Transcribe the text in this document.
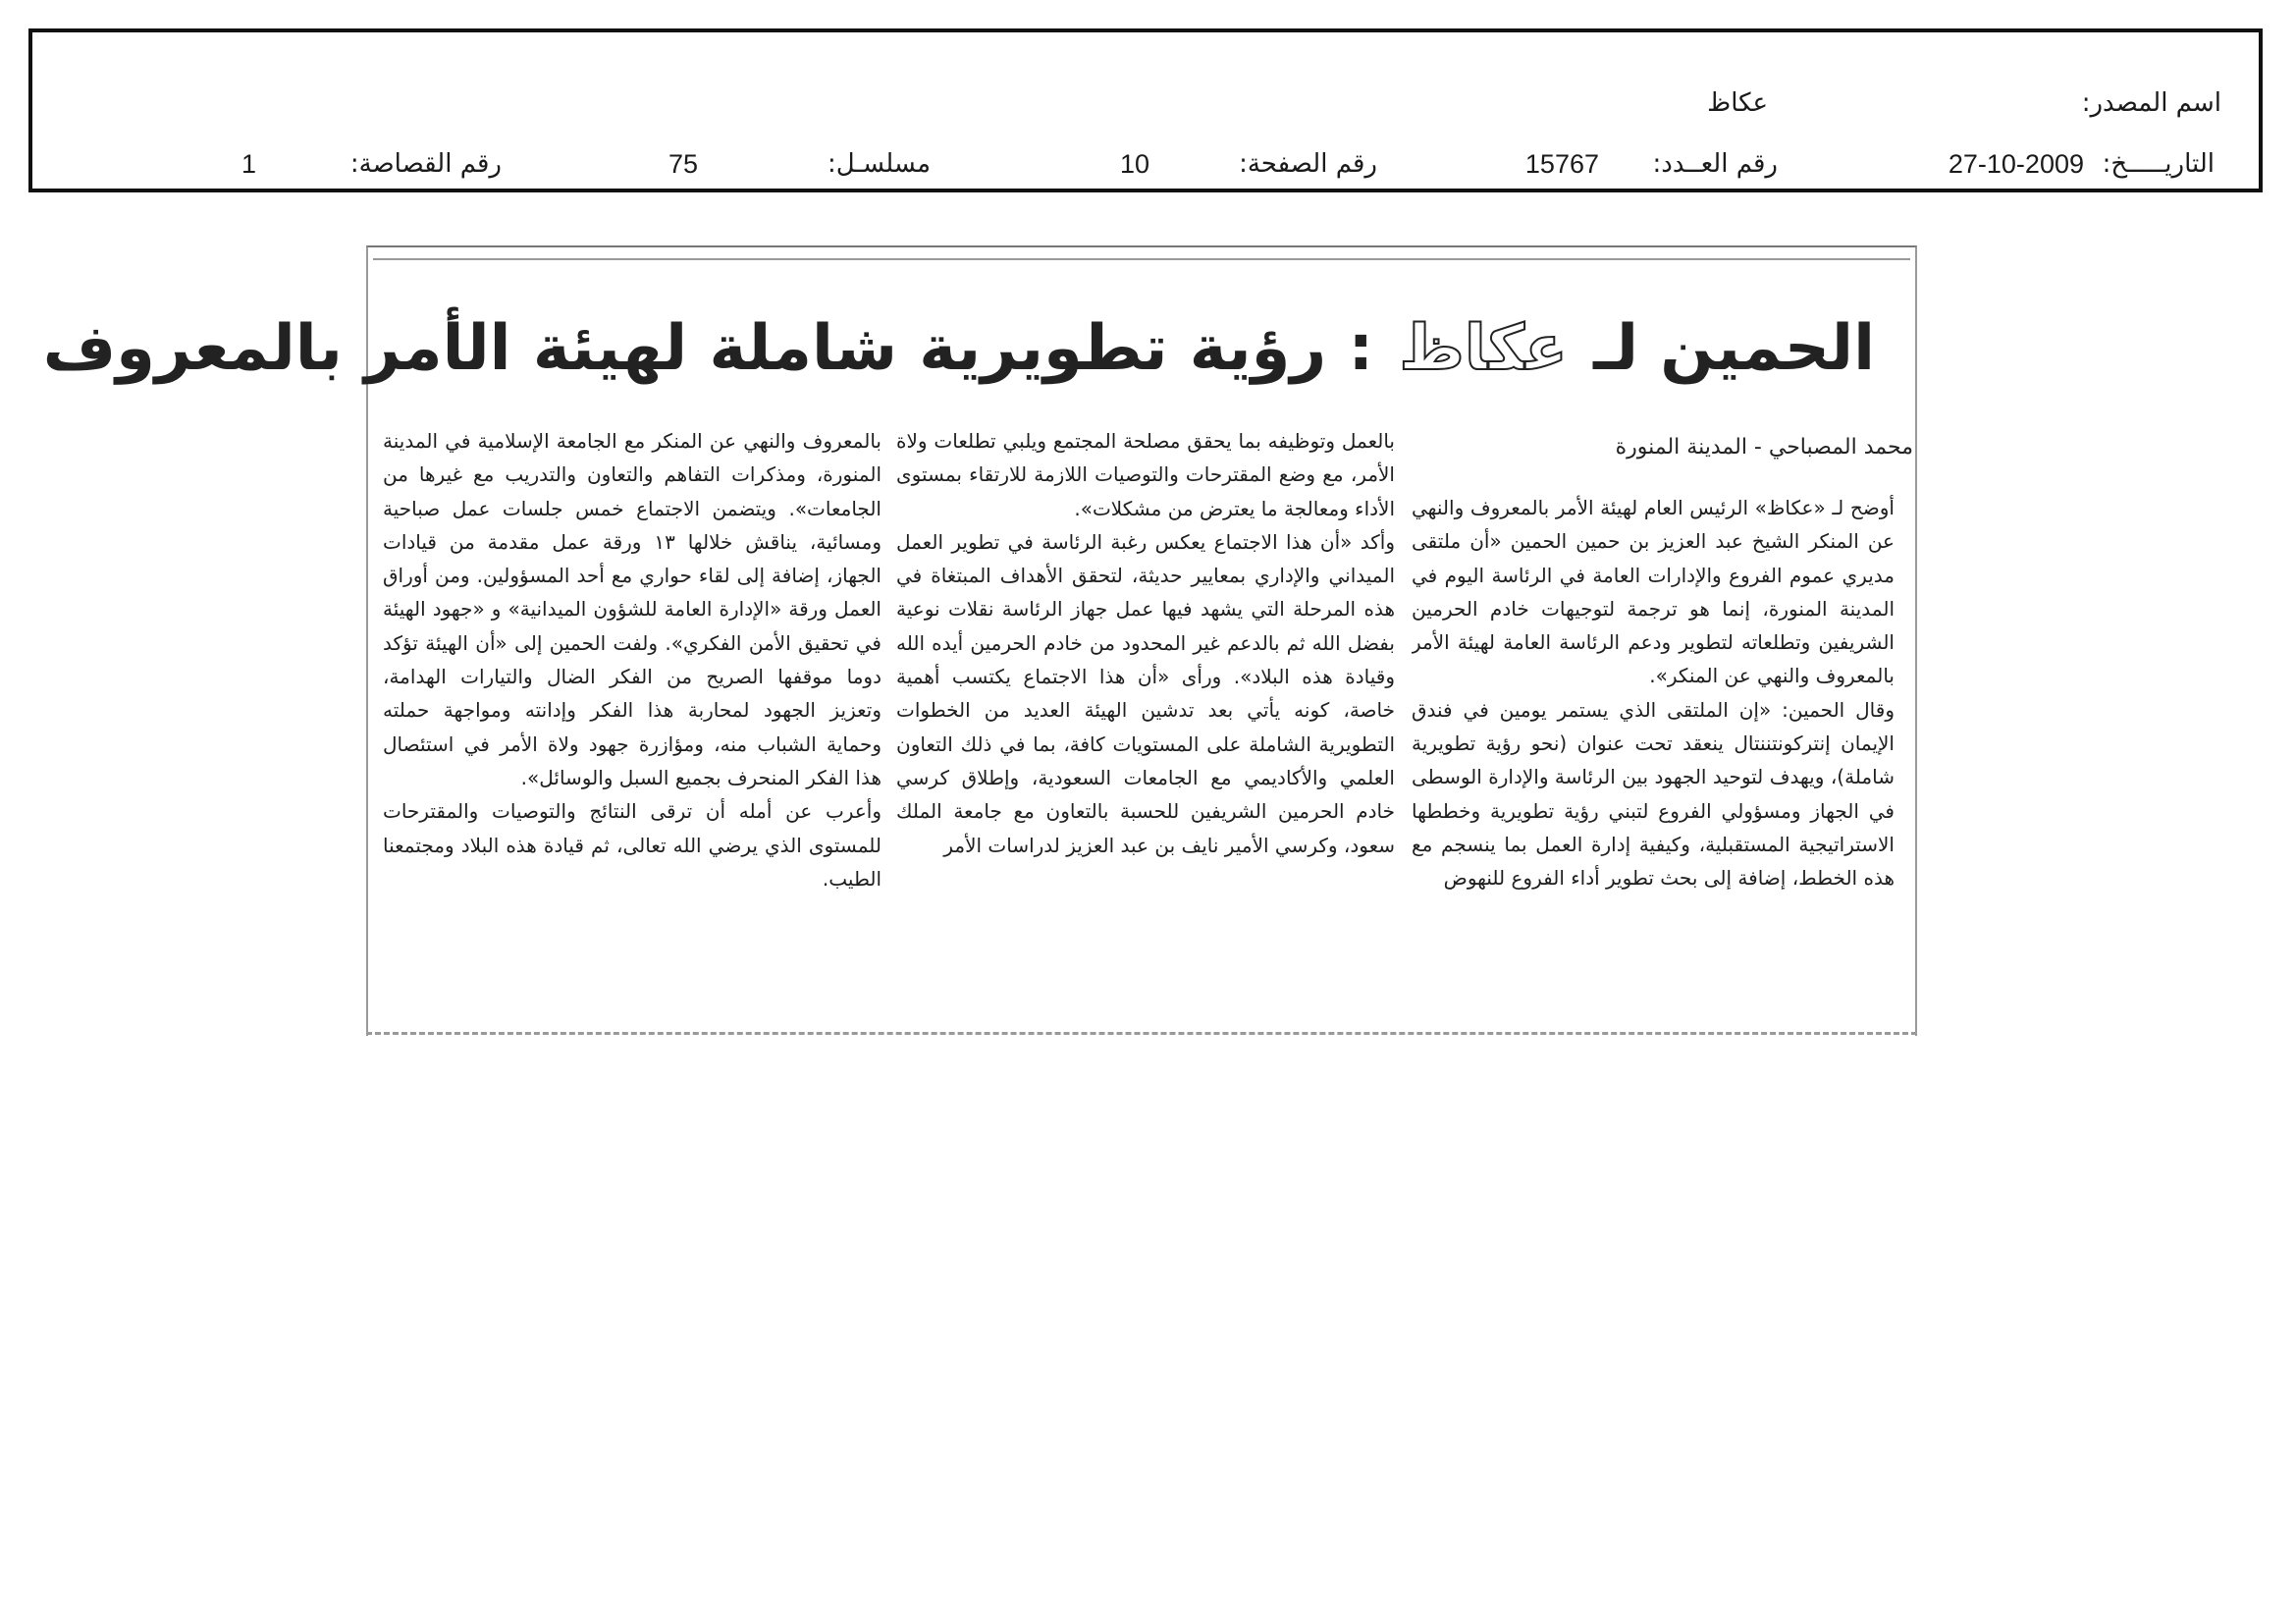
اسم المصدر:
عكاظ
التاريـــــخ:
27-10-2009
رقم العــدد:
15767
رقم الصفحة:
10
مسلسـل:
75
رقم القصاصة:
1
الحمين لـ عكاظ : رؤية تطويرية شاملة لهيئة الأمر بالمعروف
محمد المصباحي - المدينة المنورة

أوضح لـ «عكاظ» الرئيس العام لهيئة الأمر بالمعروف والنهي عن المنكر الشيخ عبد العزيز بن حمين الحمين «أن ملتقى مديري عموم الفروع والإدارات العامة في الرئاسة اليوم في المدينة المنورة، إنما هو ترجمة لتوجيهات خادم الحرمين الشريفين وتطلعاته لتطوير ودعم الرئاسة العامة لهيئة الأمر بالمعروف والنهي عن المنكر».

وقال الحمين: «إن الملتقى الذي يستمر يومين في فندق الإيمان إنتركونتننتال ينعقد تحت عنوان (نحو رؤية تطويرية شاملة)، ويهدف لتوحيد الجهود بين الرئاسة والإدارة الوسطى في الجهاز ومسؤولي الفروع لتبني رؤية تطويرية وخططها الاستراتيجية المستقبلية، وكيفية إدارة العمل بما ينسجم مع هذه الخطط، إضافة إلى بحث تطوير أداء الفروع للنهوض

بالعمل وتوظيفه بما يحقق مصلحة المجتمع ويلبي تطلعات ولاة الأمر، مع وضع المقترحات والتوصيات اللازمة للارتقاء بمستوى الأداء ومعالجة ما يعترض من مشكلات».

وأكد «أن هذا الاجتماع يعكس رغبة الرئاسة في تطوير العمل الميداني والإداري بمعايير حديثة، لتحقق الأهداف المبتغاة في هذه المرحلة التي يشهد فيها عمل جهاز الرئاسة نقلات نوعية بفضل الله ثم بالدعم غير المحدود من خادم الحرمين أيده الله وقيادة هذه البلاد». ورأى «أن هذا الاجتماع يكتسب أهمية خاصة، كونه يأتي بعد تدشين الهيئة العديد من الخطوات التطويرية الشاملة على المستويات كافة، بما في ذلك التعاون العلمي والأكاديمي مع الجامعات السعودية، وإطلاق كرسي خادم الحرمين الشريفين للحسبة بالتعاون مع جامعة الملك سعود، وكرسي الأمير نايف بن عبد العزيز لدراسات الأمر

بالمعروف والنهي عن المنكر مع الجامعة الإسلامية في المدينة المنورة، ومذكرات التفاهم والتعاون والتدريب مع غيرها من الجامعات». ويتضمن الاجتماع خمس جلسات عمل صباحية ومسائية، يناقش خلالها ١٣ ورقة عمل مقدمة من قيادات الجهاز، إضافة إلى لقاء حواري مع أحد المسؤولين. ومن أوراق العمل ورقة «الإدارة العامة للشؤون الميدانية» و «جهود الهيئة في تحقيق الأمن الفكري». ولفت الحمين إلى «أن الهيئة تؤكد دوما موقفها الصريح من الفكر الضال والتيارات الهدامة، وتعزيز الجهود لمحاربة هذا الفكر وإدانته ومواجهة حملته وحماية الشباب منه، ومؤازرة جهود ولاة الأمر في استئصال هذا الفكر المنحرف بجميع السبل والوسائل».

وأعرب عن أمله أن ترقى النتائج والتوصيات والمقترحات للمستوى الذي يرضي الله تعالى، ثم قيادة هذه البلاد ومجتمعنا الطيب.
